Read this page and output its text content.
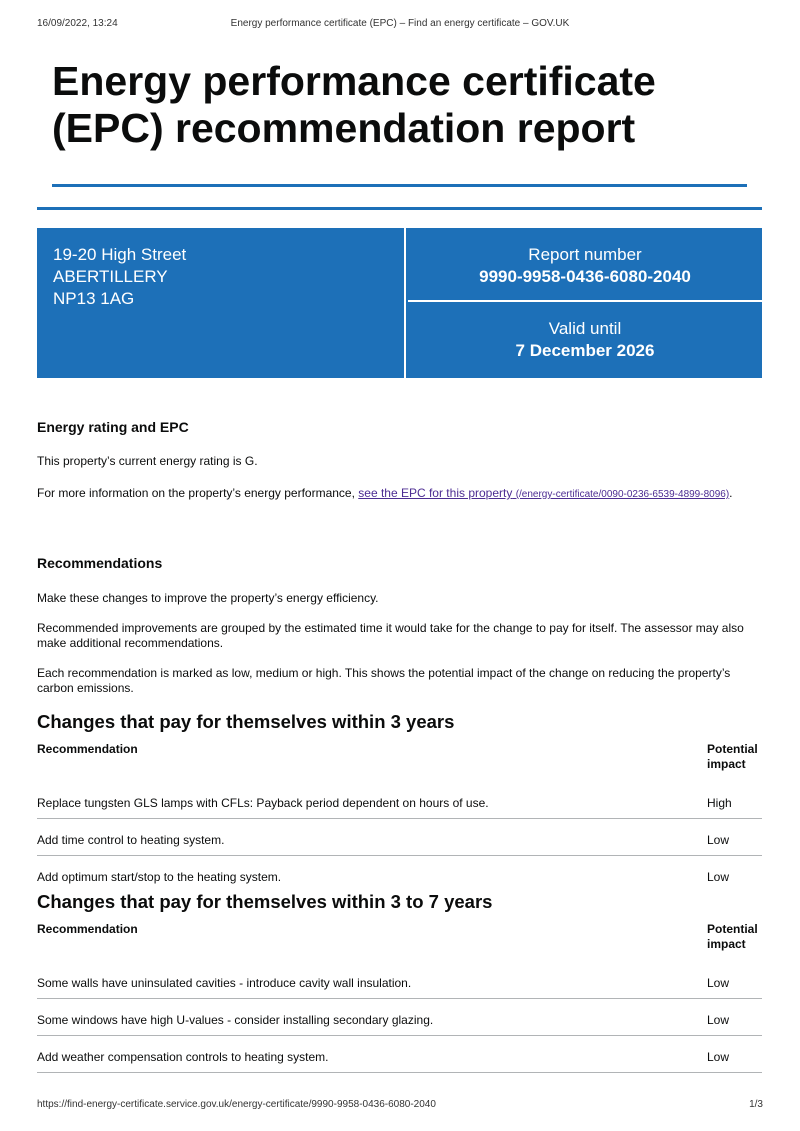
16/09/2022, 13:24	Energy performance certificate (EPC) – Find an energy certificate – GOV.UK
Energy performance certificate (EPC) recommendation report
19-20 High Street
ABERTILLERY
NP13 1AG
Report number
9990-9958-0436-6080-2040
Valid until
7 December 2026
Energy rating and EPC

This property’s current energy rating is G.

For more information on the property’s energy performance, see the EPC for this property (/energy-certificate/0090-0236-6539-4899-8096).

Recommendations

Make these changes to improve the property’s energy efficiency.

Recommended improvements are grouped by the estimated time it would take for the change to pay for itself. The assessor may also make additional recommendations.

Each recommendation is marked as low, medium or high. This shows the potential impact of the change on reducing the property’s carbon emissions.

Changes that pay for themselves within 3 years
Recommendation	Potential impact
Replace tungsten GLS lamps with CFLs: Payback period dependent on hours of use.	High
Add time control to heating system.	Low
Add optimum start/stop to the heating system.	Low
Changes that pay for themselves within 3 to 7 years
Recommendation	Potential impact
Some walls have uninsulated cavities - introduce cavity wall insulation.	Low
Some windows have high U-values - consider installing secondary glazing.	Low
Add weather compensation controls to heating system.	Low
https://find-energy-certificate.service.gov.uk/energy-certificate/9990-9958-0436-6080-2040	1/3
